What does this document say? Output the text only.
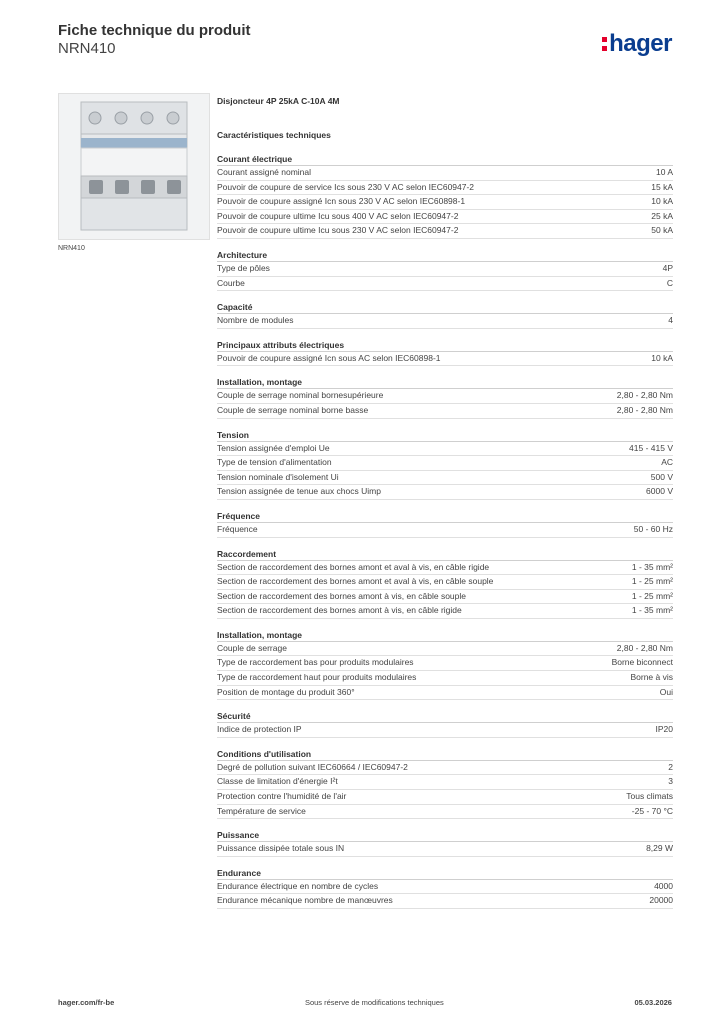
Fiche technique du produit
NRN410	hager
NRN410
Disjoncteur 4P 25kA C-10A 4M
Caractéristiques techniques
Courant électrique
Courant assigné nominal	10 A
Pouvoir de coupure de service Ics sous 230 V AC selon IEC60947-2	15 kA
Pouvoir de coupure assigné Icn sous 230 V AC selon IEC60898-1	10 kA
Pouvoir de coupure ultime Icu sous 400 V AC selon IEC60947-2	25 kA
Pouvoir de coupure ultime Icu sous 230 V AC selon IEC60947-2	50 kA
Architecture
Type de pôles	4P
Courbe	C
Capacité
Nombre de modules	4
Principaux attributs électriques
Pouvoir de coupure assigné Icn sous AC selon IEC60898-1	10 kA
Installation, montage
Couple de serrage nominal bornesupérieure	2,80 - 2,80 Nm
Couple de serrage nominal borne basse	2,80 - 2,80 Nm
Tension
Tension assignée d'emploi Ue	415 - 415 V
Type de tension d'alimentation	AC
Tension nominale d'isolement Ui	500 V
Tension assignée de tenue aux chocs Uimp	6000 V
Fréquence
Fréquence	50 - 60 Hz
Raccordement
Section de raccordement des bornes amont et aval à vis, en câble rigide	1 - 35 mm²
Section de raccordement des bornes amont et aval à vis, en câble souple	1 - 25 mm²
Section de raccordement des bornes amont à vis, en câble souple	1 - 25 mm²
Section de raccordement des bornes amont à vis, en câble rigide	1 - 35 mm²
Installation, montage
Couple de serrage	2,80 - 2,80 Nm
Type de raccordement bas pour produits modulaires	Borne biconnect
Type de raccordement haut pour produits modulaires	Borne à vis
Position de montage du produit 360°	Oui
Sécurité
Indice de protection IP	IP20
Conditions d'utilisation
Degré de pollution suivant IEC60664 / IEC60947-2	2
Classe de limitation d'énergie I²t	3
Protection contre l'humidité de l'air	Tous climats
Température de service	-25 - 70 °C
Puissance
Puissance dissipée totale sous IN	8,29 W
Endurance
Endurance électrique en nombre de cycles	4000
Endurance mécanique nombre de manœuvres	20000
hager.com/fr-be	Sous réserve de modifications techniques	05.03.2026
